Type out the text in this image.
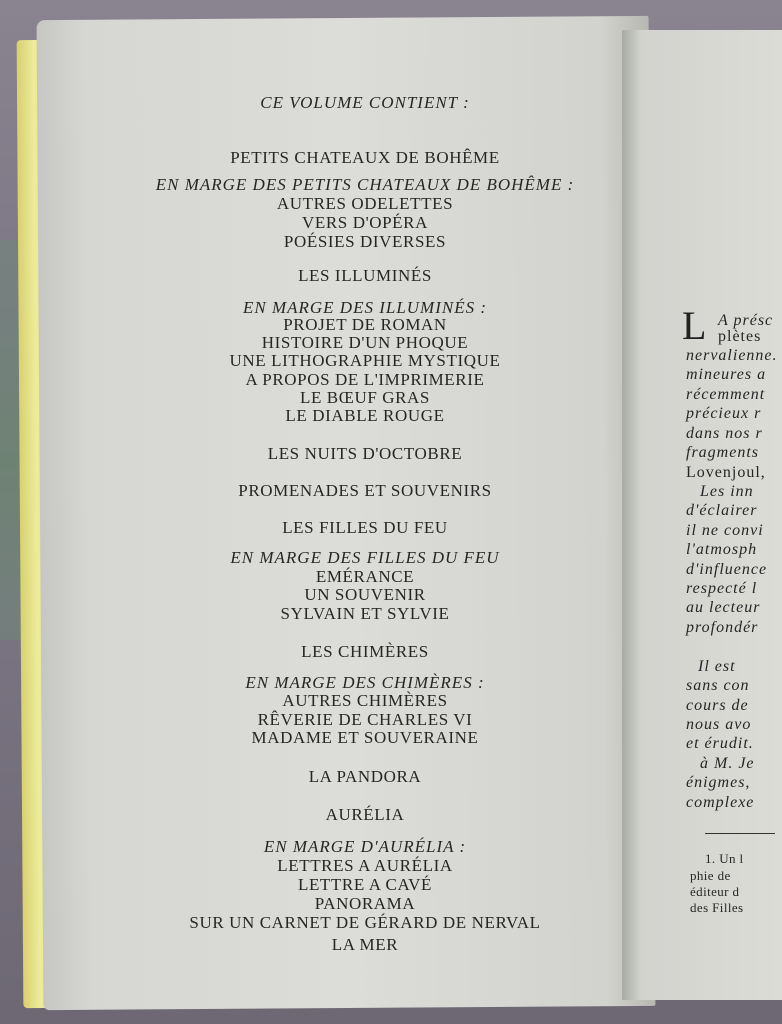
L
CE VOLUME CONTIENT :
PETITS CHATEAUX DE BOHÊME
EN MARGE DES PETITS CHATEAUX DE BOHÊME :
AUTRES ODELETTES
VERS D'OPÉRA
POÉSIES DIVERSES
LES ILLUMINÉS
EN MARGE DES ILLUMINÉS :
PROJET DE ROMAN
HISTOIRE D'UN PHOQUE
UNE LITHOGRAPHIE MYSTIQUE
A PROPOS DE L'IMPRIMERIE
LE BŒUF GRAS
LE DIABLE ROUGE
LES NUITS D'OCTOBRE
PROMENADES ET SOUVENIRS
LES FILLES DU FEU
EN MARGE DES FILLES DU FEU
EMÉRANCE
UN SOUVENIR
SYLVAIN ET SYLVIE
LES CHIMÈRES
EN MARGE DES CHIMÈRES :
AUTRES CHIMÈRES
RÊVERIE DE CHARLES VI
MADAME ET SOUVERAINE
LA PANDORA
AURÉLIA
EN MARGE D'AURÉLIA :
LETTRES A AURÉLIA
LETTRE A CAVÉ
PANORAMA
SUR UN CARNET DE GÉRARD DE NERVAL
LA MER
A présc
plètes
nervalienne.
mineures a
récemment
précieux r
dans nos r
fragments
Lovenjoul,
Les inn
d'éclairer
il ne convi
l'atmosph
d'influence
respecté l
au lecteur
profondér
Il est
sans con
cours de
nous avo
et érudit.
à M. Je
énigmes,
complexe
1. Un l
phie de
éditeur d
des Filles
